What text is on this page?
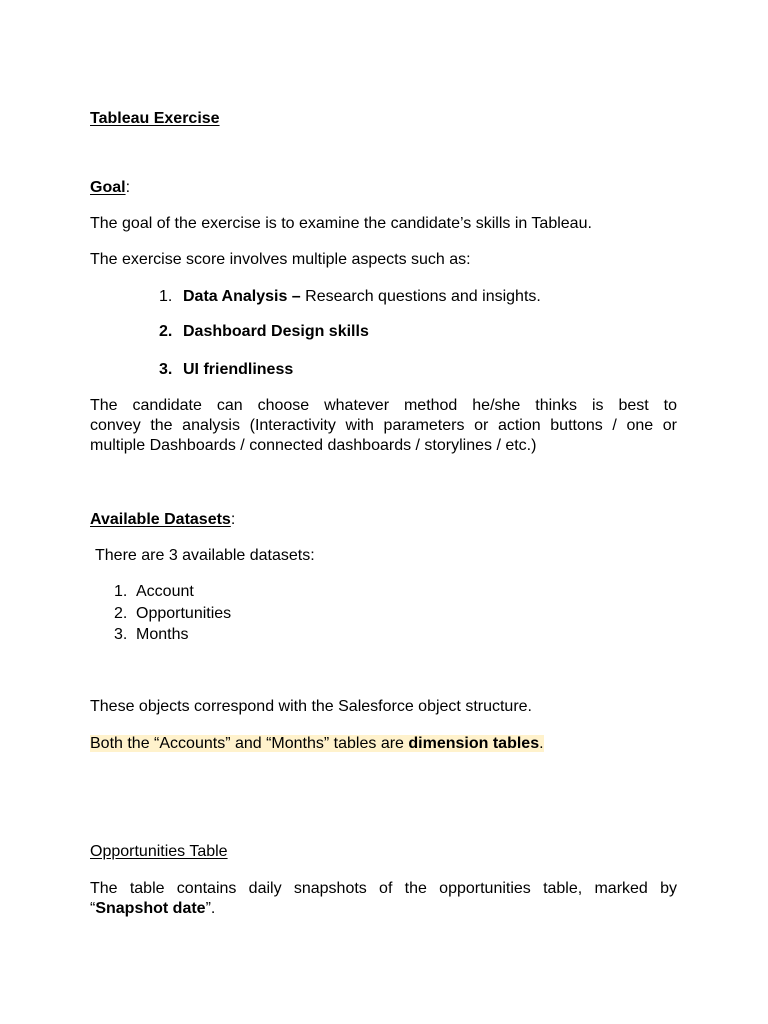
Tableau Exercise
Goal:
The goal of the exercise is to examine the candidate’s skills in Tableau.
The exercise score involves multiple aspects such as:
1. Data Analysis – Research questions and insights.
2. Dashboard Design skills
3. UI friendliness
The candidate can choose whatever method he/she thinks is best to
convey the analysis (Interactivity with parameters or action buttons / one or
multiple Dashboards / connected dashboards / storylines / etc.)
Available Datasets:
There are 3 available datasets:
1. Account
2. Opportunities
3. Months
These objects correspond with the Salesforce object structure.
Both the “Accounts” and “Months” tables are dimension tables.
Opportunities Table
The table contains daily snapshots of the opportunities table, marked by
“Snapshot date”.
